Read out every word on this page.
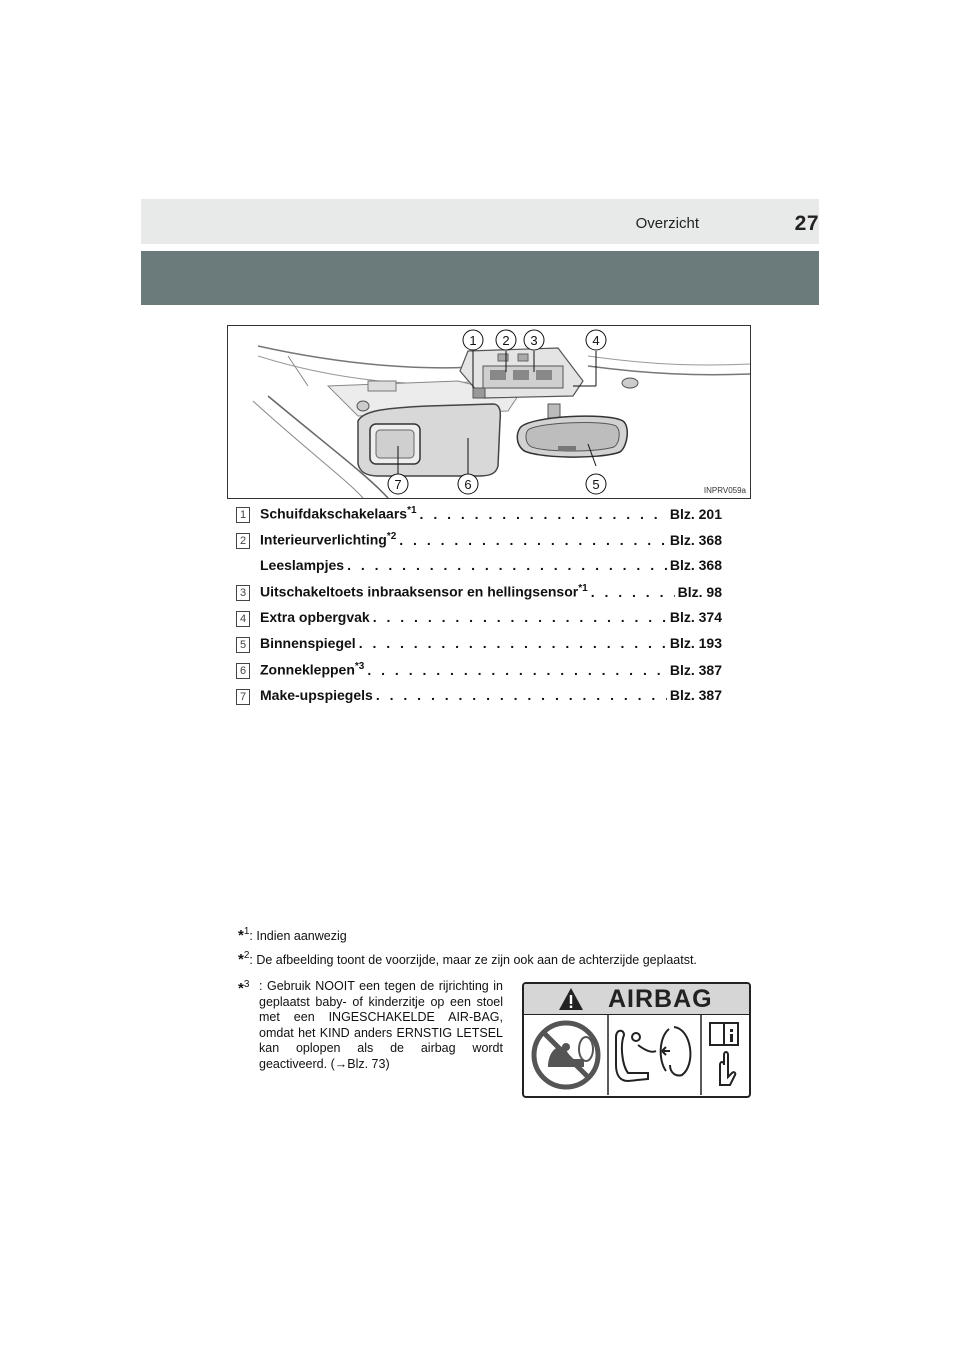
Overzicht	27
1 2 3	4
5
6
7	INPRV059a
1 Schuifdakschakelaars$^{*1}$ . . .	Blz. 201
2 Interieurverlichting$^{*2}$ . . .	Blz. 368
Leeslampjes . . .	Blz. 368
3 Uitschakeltoets inbraaksensor en hellingsensor$^{*1}$ . . .	Blz. 98
4 Extra opbergvak . . .	Blz. 374
5 Binnenspiegel . . .	Blz. 193
6 Zonnekleppen$^{*3}$ . . .	Blz. 387
7 Make-upspiegels . . .	Blz. 387
*$^1$: Indien aanwezig
*$^2$: De afbeelding toont de voorzijde, maar ze zijn ook aan de achterzijde geplaatst.
*$^3$ : Gebruik NOOIT een tegen de rijrichting in geplaatst baby- of kinderzitje op een stoel met een INGESCHAKELDE AIR-BAG, omdat het KIND anders ERNSTIG LETSEL kan oplopen als de airbag wordt geactiveerd. (→Blz. 73)
AIRBAG
